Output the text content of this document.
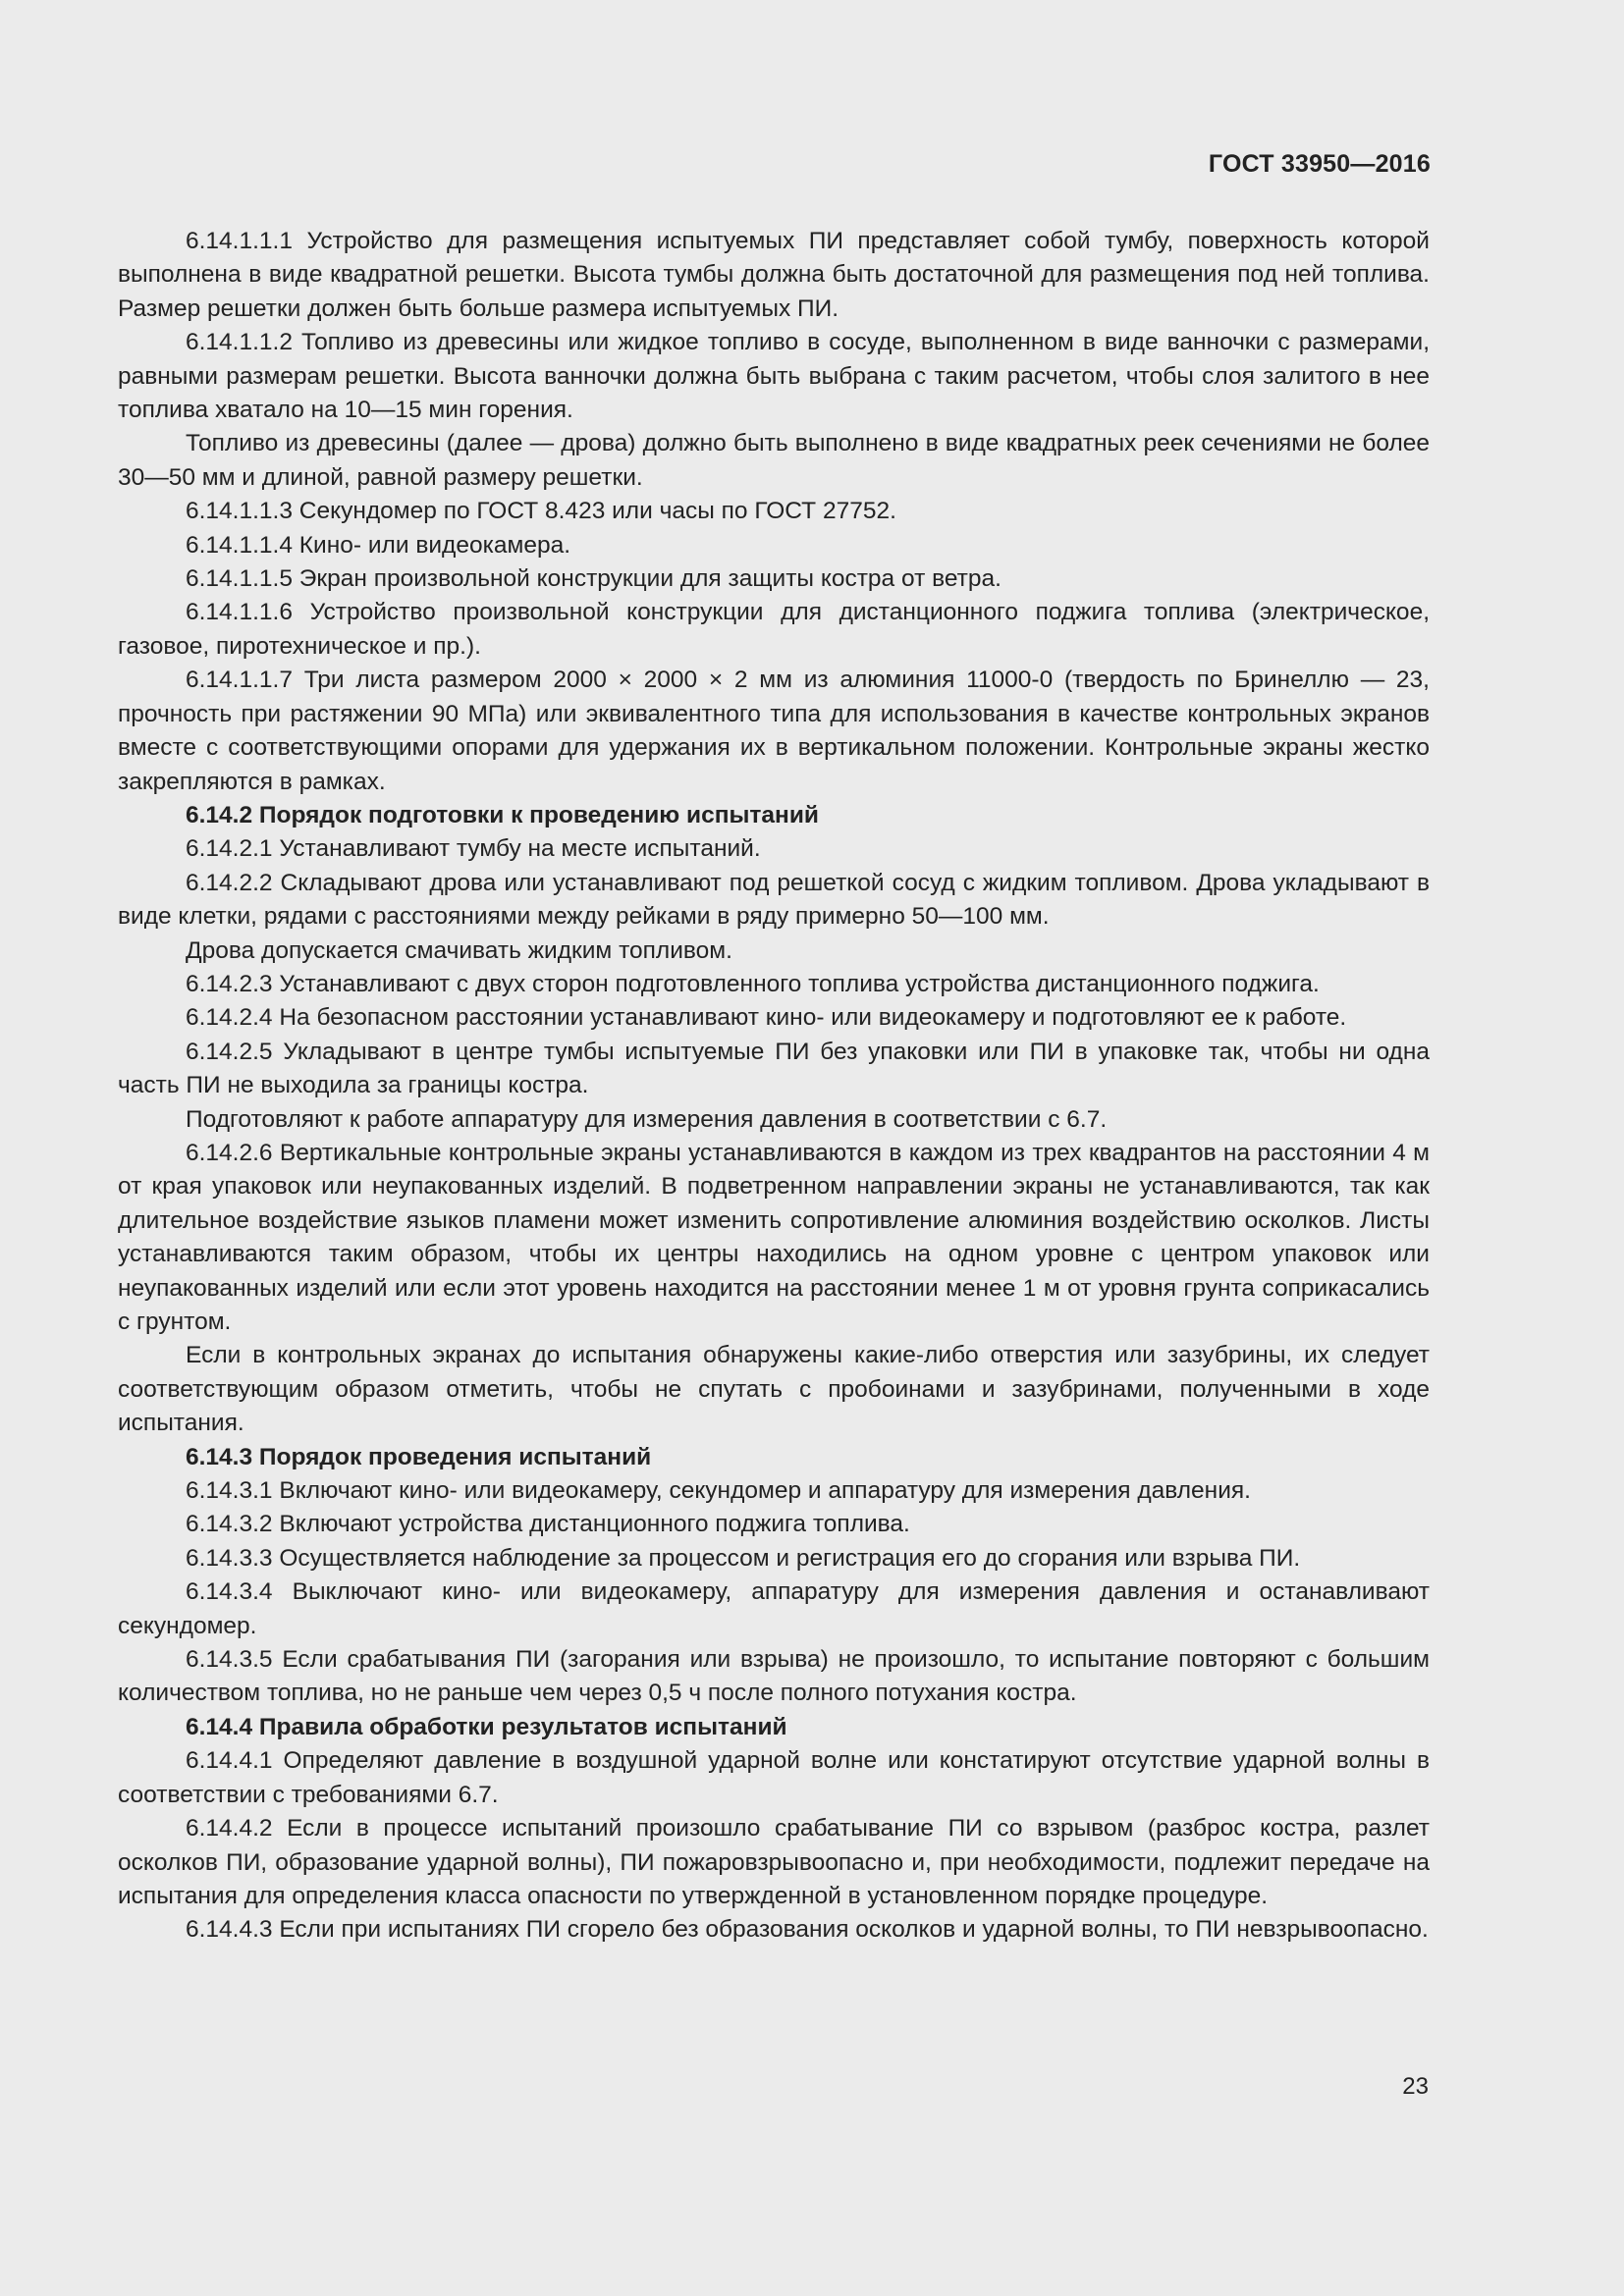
ГОСТ 33950—2016

6.14.1.1.1 Устройство для размещения испытуемых ПИ представляет собой тумбу, поверхность которой выполнена в виде квадратной решетки. Высота тумбы должна быть достаточной для размещения под ней топлива. Размер решетки должен быть больше размера испытуемых ПИ.

6.14.1.1.2 Топливо из древесины или жидкое топливо в сосуде, выполненном в виде ванночки с размерами, равными размерам решетки. Высота ванночки должна быть выбрана с таким расчетом, чтобы слоя залитого в нее топлива хватало на 10—15 мин горения.

Топливо из древесины (далее — дрова) должно быть выполнено в виде квадратных реек сечениями не более 30—50 мм и длиной, равной размеру решетки.

6.14.1.1.3 Секундомер по ГОСТ 8.423 или часы по ГОСТ 27752.

6.14.1.1.4 Кино- или видеокамера.

6.14.1.1.5 Экран произвольной конструкции для защиты костра от ветра.

6.14.1.1.6 Устройство произвольной конструкции для дистанционного поджига топлива (электрическое, газовое, пиротехническое и пр.).

6.14.1.1.7 Три листа размером 2000 × 2000 × 2 мм из алюминия 11000-0 (твердость по Бринеллю — 23, прочность при растяжении 90 МПа) или эквивалентного типа для использования в качестве контрольных экранов вместе с соответствующими опорами для удержания их в вертикальном положении. Контрольные экраны жестко закрепляются в рамках.

6.14.2 Порядок подготовки к проведению испытаний

6.14.2.1 Устанавливают тумбу на месте испытаний.

6.14.2.2 Складывают дрова или устанавливают под решеткой сосуд с жидким топливом. Дрова укладывают в виде клетки, рядами с расстояниями между рейками в ряду примерно 50—100 мм.

Дрова допускается смачивать жидким топливом.

6.14.2.3 Устанавливают с двух сторон подготовленного топлива устройства дистанционного поджига.

6.14.2.4 На безопасном расстоянии устанавливают кино- или видеокамеру и подготовляют ее к работе.

6.14.2.5 Укладывают в центре тумбы испытуемые ПИ без упаковки или ПИ в упаковке так, чтобы ни одна часть ПИ не выходила за границы костра.

Подготовляют к работе аппаратуру для измерения давления в соответствии с 6.7.

6.14.2.6 Вертикальные контрольные экраны устанавливаются в каждом из трех квадрантов на расстоянии 4 м от края упаковок или неупакованных изделий. В подветренном направлении экраны не устанавливаются, так как длительное воздействие языков пламени может изменить сопротивление алюминия воздействию осколков. Листы устанавливаются таким образом, чтобы их центры находились на одном уровне с центром упаковок или неупакованных изделий или если этот уровень находится на расстоянии менее 1 м от уровня грунта соприкасались с грунтом.

Если в контрольных экранах до испытания обнаружены какие-либо отверстия или зазубрины, их следует соответствующим образом отметить, чтобы не спутать с пробоинами и зазубринами, полученными в ходе испытания.

6.14.3 Порядок проведения испытаний

6.14.3.1 Включают кино- или видеокамеру, секундомер и аппаратуру для измерения давления.

6.14.3.2 Включают устройства дистанционного поджига топлива.

6.14.3.3 Осуществляется наблюдение за процессом и регистрация его до сгорания или взрыва ПИ.

6.14.3.4 Выключают кино- или видеокамеру, аппаратуру для измерения давления и останавливают секундомер.

6.14.3.5 Если срабатывания ПИ (загорания или взрыва) не произошло, то испытание повторяют с большим количеством топлива, но не раньше чем через 0,5 ч после полного потухания костра.

6.14.4 Правила обработки результатов испытаний

6.14.4.1 Определяют давление в воздушной ударной волне или констатируют отсутствие ударной волны в соответствии с требованиями 6.7.

6.14.4.2 Если в процессе испытаний произошло срабатывание ПИ со взрывом (разброс костра, разлет осколков ПИ, образование ударной волны), ПИ пожаровзрывоопасно и, при необходимости, подлежит передаче на испытания для определения класса опасности по утвержденной в установленном порядке процедуре.

6.14.4.3 Если при испытаниях ПИ сгорело без образования осколков и ударной волны, то ПИ невзрывоопасно.

23
